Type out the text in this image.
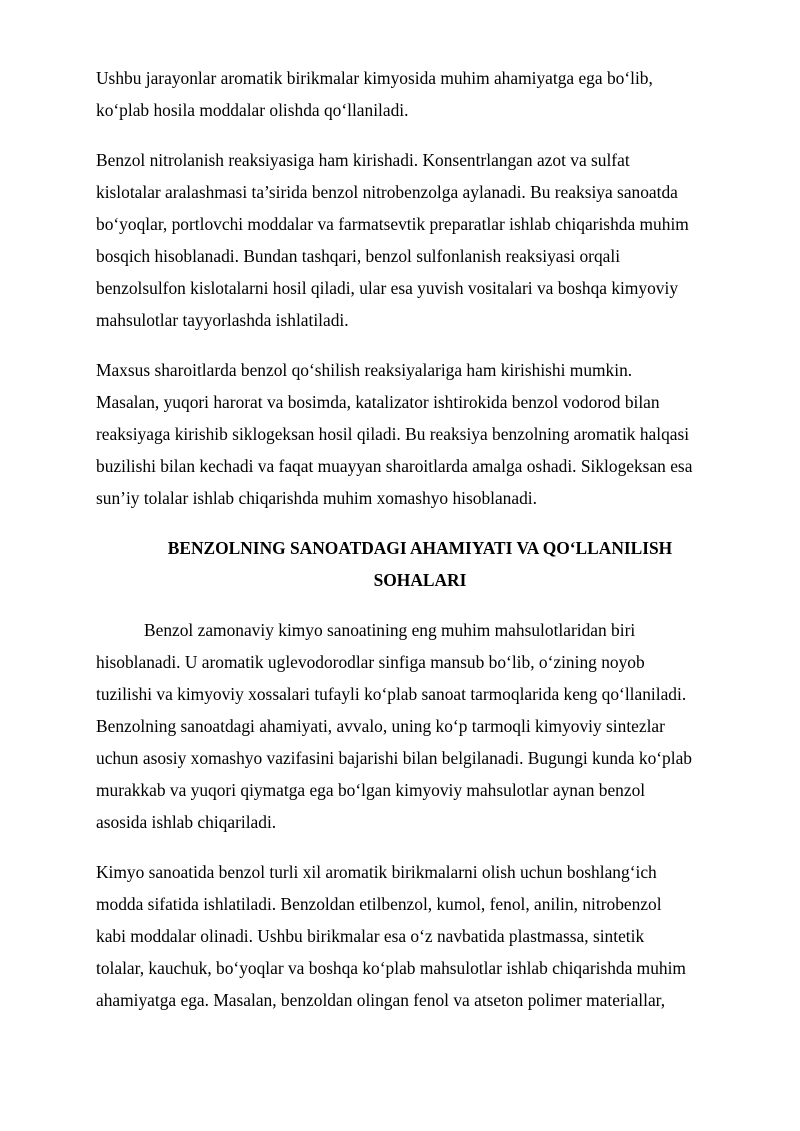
Ushbu jarayonlar aromatik birikmalar kimyosida muhim ahamiyatga ega bo‘lib,
ko‘plab hosila moddalar olishda qo‘llaniladi.

Benzol nitrolanish reaksiyasiga ham kirishadi. Konsentrlangan azot va sulfat
kislotalar aralashmasi ta’sirida benzol nitrobenzolga aylanadi. Bu reaksiya sanoatda
bo‘yoqlar, portlovchi moddalar va farmatsevtik preparatlar ishlab chiqarishda muhim
bosqich hisoblanadi. Bundan tashqari, benzol sulfonlanish reaksiyasi orqali
benzolsulfon kislotalarni hosil qiladi, ular esa yuvish vositalari va boshqa kimyoviy
mahsulotlar tayyorlashda ishlatiladi.

Maxsus sharoitlarda benzol qo‘shilish reaksiyalariga ham kirishishi mumkin.
Masalan, yuqori harorat va bosimda, katalizator ishtirokida benzol vodorod bilan
reaksiyaga kirishib siklogeksan hosil qiladi. Bu reaksiya benzolning aromatik halqasi
buzilishi bilan kechadi va faqat muayyan sharoitlarda amalga oshadi. Siklogeksan esa
sun’iy tolalar ishlab chiqarishda muhim xomashyo hisoblanadi.

BENZOLNING SANOATDAGI AHAMIYATI VA QO‘LLANILISH
SOHALARI

Benzol zamonaviy kimyo sanoatining eng muhim mahsulotlaridan biri
hisoblanadi. U aromatik uglevodorodlar sinfiga mansub bo‘lib, o‘zining noyob
tuzilishi va kimyoviy xossalari tufayli ko‘plab sanoat tarmoqlarida keng qo‘llaniladi.
Benzolning sanoatdagi ahamiyati, avvalo, uning ko‘p tarmoqli kimyoviy sintezlar
uchun asosiy xomashyo vazifasini bajarishi bilan belgilanadi. Bugungi kunda ko‘plab
murakkab va yuqori qiymatga ega bo‘lgan kimyoviy mahsulotlar aynan benzol
asosida ishlab chiqariladi.

Kimyo sanoatida benzol turli xil aromatik birikmalarni olish uchun boshlang‘ich
modda sifatida ishlatiladi. Benzoldan etilbenzol, kumol, fenol, anilin, nitrobenzol
kabi moddalar olinadi. Ushbu birikmalar esa o‘z navbatida plastmassa, sintetik
tolalar, kauchuk, bo‘yoqlar va boshqa ko‘plab mahsulotlar ishlab chiqarishda muhim
ahamiyatga ega. Masalan, benzoldan olingan fenol va atseton polimer materiallar,
